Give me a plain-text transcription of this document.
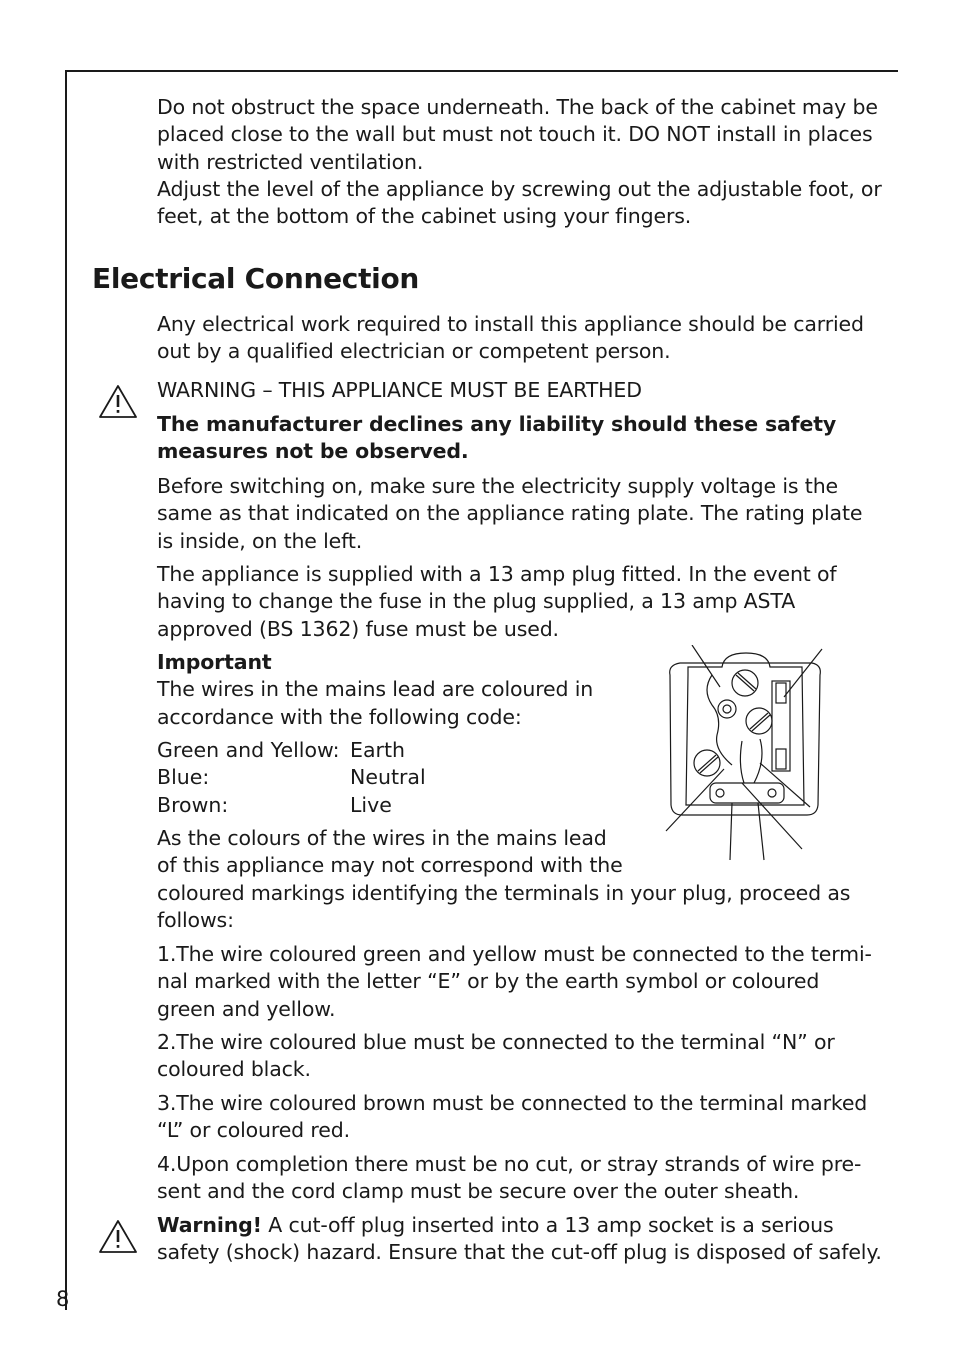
Do not obstruct the space underneath. The back of the cabinet may be placed close to the wall but must not touch it. DO NOT install in places with restricted ventilation.

Adjust the level of the appliance by screwing out the adjustable foot, or feet, at the bottom of the cabinet using your fingers.

Electrical Connection

Any electrical work required to install this appliance should be carried out by a qualified electrician or competent person.

WARNING – THIS APPLIANCE MUST BE EARTHED

The manufacturer declines any liability should these safety measures not be observed.

Before switching on, make sure the electricity supply voltage is the same as that indicated on the appliance rating plate. The rating plate is inside, on the left.

The appliance is supplied with a 13 amp plug fitted. In the event of having to change the fuse in the plug supplied, a 13 amp ASTA approved (BS 1362) fuse must be used.

Important

The wires in the mains lead are coloured in

accordance with the following code:

Green and Yellow: Earth
Blue:	Neutral
Brown:	Live

As the colours of the wires in the mains lead

of this appliance may not correspond with the

coloured markings identifying the terminals in your plug, proceed as follows:

1.The wire coloured green and yellow must be connected to the termi-nal marked with the letter “E” or by the earth symbol or coloured green and yellow.

2.The wire coloured blue must be connected to the terminal “N” or coloured black.

3.The wire coloured brown must be connected to the terminal marked “L” or coloured red.

4.Upon completion there must be no cut, or stray strands of wire pre-sent and the cord clamp must be secure over the outer sheath.

Warning! A cut-off plug inserted into a 13 amp socket is a serious safety (shock) hazard. Ensure that the cut-off plug is disposed of safely.

8
